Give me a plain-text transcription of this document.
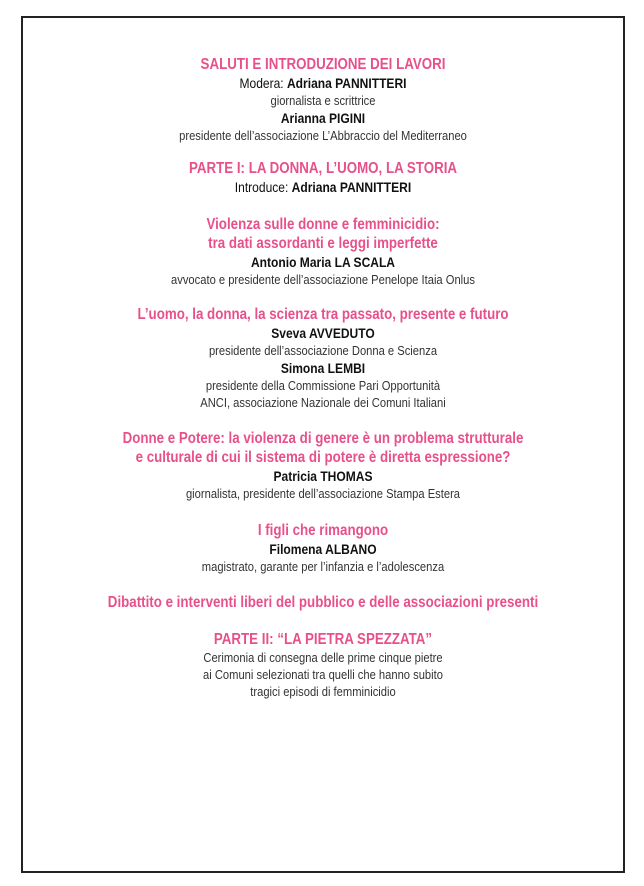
SALUTI E INTRODUZIONE DEI LAVORI
Modera: Adriana PANNITTERI
giornalista e scrittrice
Arianna PIGINI
presidente dell’associazione L’Abbraccio del Mediterraneo
PARTE I: LA DONNA, L’UOMO, LA STORIA
Introduce: Adriana PANNITTERI
Violenza sulle donne e femminicidio:
tra dati assordanti e leggi imperfette
Antonio Maria LA SCALA
avvocato e presidente dell’associazione Penelope Itaia Onlus
L’uomo, la donna, la scienza tra passato, presente e futuro
Sveva AVVEDUTO
presidente dell’associazione Donna e Scienza
Simona LEMBI
presidente della Commissione Pari Opportunità
ANCI, associazione Nazionale dei Comuni Italiani
Donne e Potere: la violenza di genere è un problema strutturale
e culturale di cui il sistema di potere è diretta espressione?
Patricia THOMAS
giornalista, presidente dell’associazione Stampa Estera
I figli che rimangono
Filomena ALBANO
magistrato, garante per l’infanzia e l’adolescenza
Dibattito e interventi liberi del pubblico e delle associazioni presenti
PARTE II: “LA PIETRA SPEZZATA”
Cerimonia di consegna delle prime cinque pietre
ai Comuni selezionati tra quelli che hanno subito
tragici episodi di femminicidio
